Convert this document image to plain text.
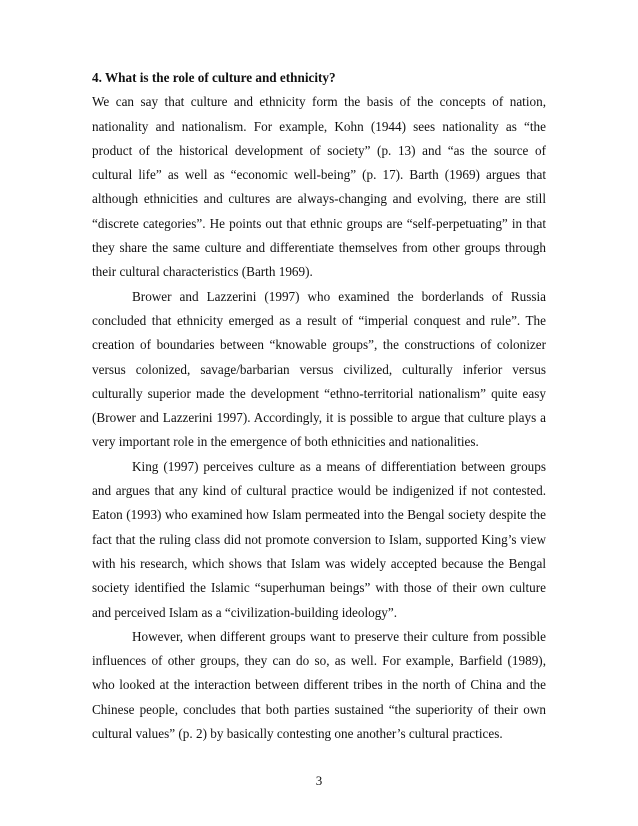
4. What is the role of culture and ethnicity?

We can say that culture and ethnicity form the basis of the concepts of nation, nationality and nationalism. For example, Kohn (1944) sees nationality as “the product of the historical development of society” (p. 13) and “as the source of cultural life” as well as “economic well-being” (p. 17). Barth (1969) argues that although ethnicities and cultures are always-changing and evolving, there are still “discrete categories”. He points out that ethnic groups are “self-perpetuating” in that they share the same culture and differentiate themselves from other groups through their cultural characteristics (Barth 1969).

Brower and Lazzerini (1997) who examined the borderlands of Russia concluded that ethnicity emerged as a result of “imperial conquest and rule”. The creation of boundaries between “knowable groups”, the constructions of colonizer versus colonized, savage/barbarian versus civilized, culturally inferior versus culturally superior made the development “ethno-territorial nationalism” quite easy (Brower and Lazzerini 1997). Accordingly, it is possible to argue that culture plays a very important role in the emergence of both ethnicities and nationalities.

King (1997) perceives culture as a means of differentiation between groups and argues that any kind of cultural practice would be indigenized if not contested. Eaton (1993) who examined how Islam permeated into the Bengal society despite the fact that the ruling class did not promote conversion to Islam, supported King’s view with his research, which shows that Islam was widely accepted because the Bengal society identified the Islamic “superhuman beings” with those of their own culture and perceived Islam as a “civilization-building ideology”.

However, when different groups want to preserve their culture from possible influences of other groups, they can do so, as well. For example, Barfield (1989), who looked at the interaction between different tribes in the north of China and the Chinese people, concludes that both parties sustained “the superiority of their own cultural values” (p. 2) by basically contesting one another’s cultural practices.

3
